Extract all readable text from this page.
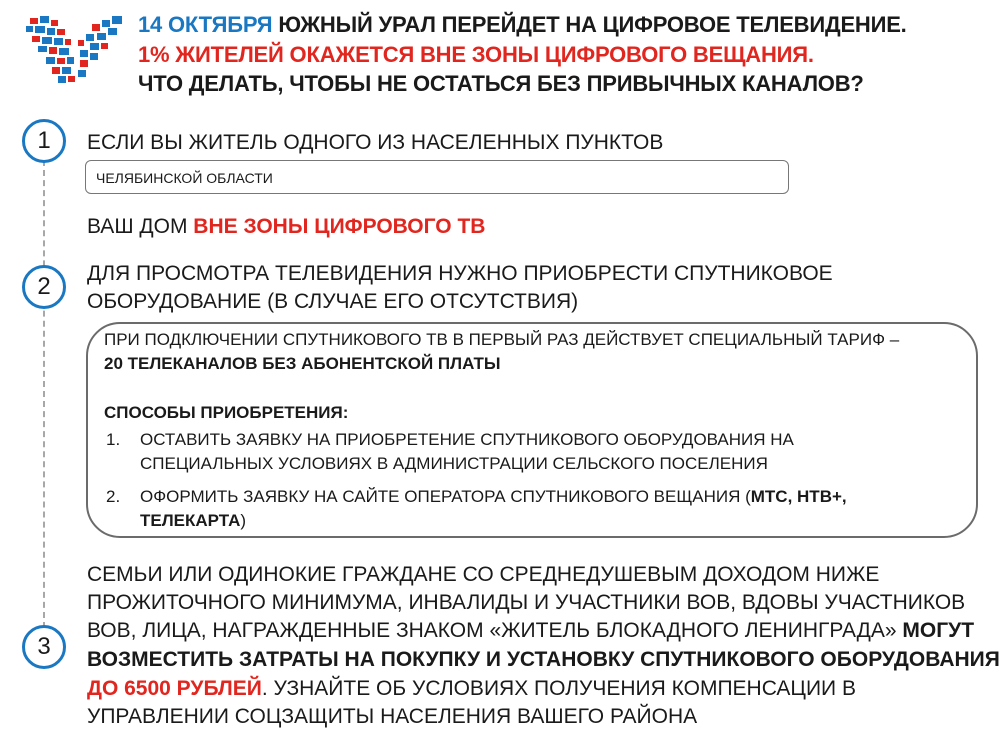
14 ОКТЯБРЯ ЮЖНЫЙ УРАЛ ПЕРЕЙДЕТ НА ЦИФРОВОЕ ТЕЛЕВИДЕНИЕ.
1% ЖИТЕЛЕЙ ОКАЖЕТСЯ ВНЕ ЗОНЫ ЦИФРОВОГО ВЕЩАНИЯ.
ЧТО ДЕЛАТЬ, ЧТОБЫ НЕ ОСТАТЬСЯ БЕЗ ПРИВЫЧНЫХ КАНАЛОВ?
1	ЕСЛИ ВЫ ЖИТЕЛЬ ОДНОГО ИЗ НАСЕЛЕННЫХ ПУНКТОВ
ЧЕЛЯБИНСКОЙ ОБЛАСТИ
ВАШ ДОМ ВНЕ ЗОНЫ ЦИФРОВОГО ТВ
2	ДЛЯ ПРОСМОТРА ТЕЛЕВИДЕНИЯ НУЖНО ПРИОБРЕСТИ СПУТНИКОВОЕ
ОБОРУДОВАНИЕ (В СЛУЧАЕ ЕГО ОТСУТСТВИЯ)
ПРИ ПОДКЛЮЧЕНИИ СПУТНИКОВОГО ТВ В ПЕРВЫЙ РАЗ ДЕЙСТВУЕТ СПЕЦИАЛЬНЫЙ ТАРИФ –
20 ТЕЛЕКАНАЛОВ БЕЗ АБОНЕНТСКОЙ ПЛАТЫ
СПОСОБЫ ПРИОБРЕТЕНИЯ:
1. ОСТАВИТЬ ЗАЯВКУ НА ПРИОБРЕТЕНИЕ СПУТНИКОВОГО ОБОРУДОВАНИЯ НА
СПЕЦИАЛЬНЫХ УСЛОВИЯХ В АДМИНИСТРАЦИИ СЕЛЬСКОГО ПОСЕЛЕНИЯ
2. ОФОРМИТЬ ЗАЯВКУ НА САЙТЕ ОПЕРАТОРА СПУТНИКОВОГО ВЕЩАНИЯ (МТС, НТВ+,
ТЕЛЕКАРТА)
3
СЕМЬИ ИЛИ ОДИНОКИЕ ГРАЖДАНЕ СО СРЕДНЕДУШЕВЫМ ДОХОДОМ НИЖЕ
ПРОЖИТОЧНОГО МИНИМУМА, ИНВАЛИДЫ И УЧАСТНИКИ ВОВ, ВДОВЫ УЧАСТНИКОВ
ВОВ, ЛИЦА, НАГРАЖДЕННЫЕ ЗНАКОМ «ЖИТЕЛЬ БЛОКАДНОГО ЛЕНИНГРАДА» МОГУТ
ВОЗМЕСТИТЬ ЗАТРАТЫ НА ПОКУПКУ И УСТАНОВКУ СПУТНИКОВОГО ОБОРУДОВАНИЯ
ДО 6500 РУБЛЕЙ. УЗНАЙТЕ ОБ УСЛОВИЯХ ПОЛУЧЕНИЯ КОМПЕНСАЦИИ В
УПРАВЛЕНИИ СОЦЗАЩИТЫ НАСЕЛЕНИЯ ВАШЕГО РАЙОНА
